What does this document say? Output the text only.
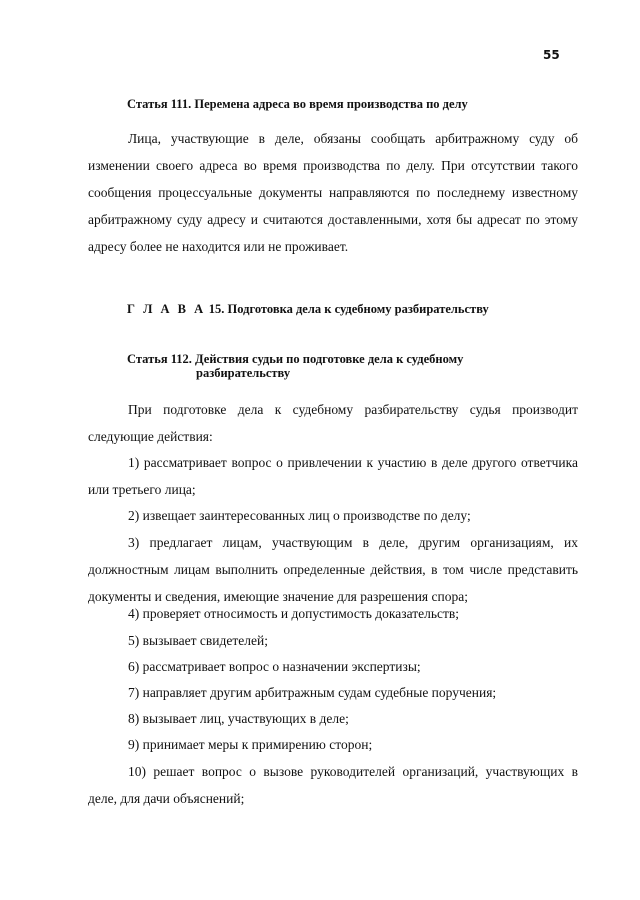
55
Статья 111. Перемена адреса во время производства по делу
Лица, участвующие в деле, обязаны сообщать арбитражному суду об изменении своего адреса во время производства по делу. При отсутствии такого сообщения процессуальные документы направляются по последнему известному арбитражному суду адресу и считаются доставленными, хотя бы адресат по этому адресу более не находится или не проживает.
Г Л А В А 15. Подготовка дела к судебному разбирательству
Статья 112. Действия судьи по подготовке дела к судебному
разбирательству
При подготовке дела к судебному разбирательству судья производит следующие действия:
1) рассматривает вопрос о привлечении к участию в деле другого ответчика или третьего лица;
2) извещает заинтересованных лиц о производстве по делу;
3) предлагает лицам, участвующим в деле, другим организациям, их должностным лицам выполнить определенные действия, в том числе представить документы и сведения, имеющие значение для разрешения спора;
4) проверяет относимость и допустимость доказательств;
5) вызывает свидетелей;
6) рассматривает вопрос о назначении экспертизы;
7) направляет другим арбитражным судам судебные поручения;
8) вызывает лиц, участвующих в деле;
9) принимает меры к примирению сторон;
10) решает вопрос о вызове руководителей организаций, участвующих в деле, для дачи объяснений;
